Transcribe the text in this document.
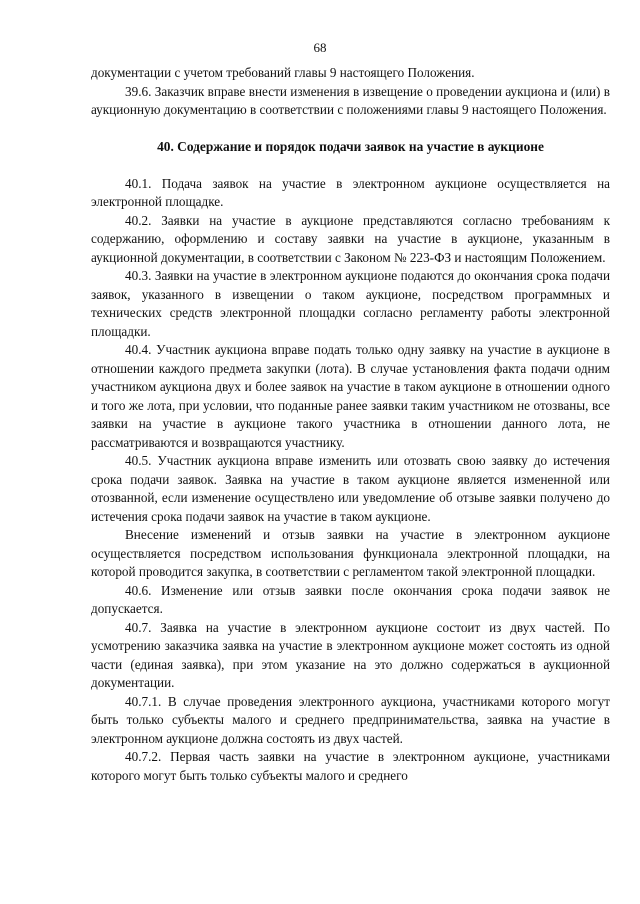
68

документации с учетом требований главы 9 настоящего Положения.

39.6. Заказчик вправе внести изменения в извещение о проведении аукциона и (или) в аукционную документацию в соответствии с положениями главы 9 настоящего Положения.

40. Содержание и порядок подачи заявок на участие в аукционе

40.1. Подача заявок на участие в электронном аукционе осуществляется на электронной площадке.

40.2. Заявки на участие в аукционе представляются согласно требованиям к содержанию, оформлению и составу заявки на участие в аукционе, указанным в аукционной документации, в соответствии с Законом № 223-ФЗ и настоящим Положением.

40.3. Заявки на участие в электронном аукционе подаются до окончания срока подачи заявок, указанного в извещении о таком аукционе, посредством программных и технических средств электронной площадки согласно регламенту работы электронной площадки.

40.4. Участник аукциона вправе подать только одну заявку на участие в аукционе в отношении каждого предмета закупки (лота). В случае установления факта подачи одним участником аукциона двух и более заявок на участие в таком аукционе в отношении одного и того же лота, при условии, что поданные ранее заявки таким участником не отозваны, все заявки на участие в аукционе такого участника в отношении данного лота, не рассматриваются и возвращаются участнику.

40.5. Участник аукциона вправе изменить или отозвать свою заявку до истечения срока подачи заявок. Заявка на участие в таком аукционе является измененной или отозванной, если изменение осуществлено или уведомление об отзыве заявки получено до истечения срока подачи заявок на участие в таком аукционе.

Внесение изменений и отзыв заявки на участие в электронном аукционе осуществляется посредством использования функционала электронной площадки, на которой проводится закупка, в соответствии с регламентом такой электронной площадки.

40.6. Изменение или отзыв заявки после окончания срока подачи заявок не допускается.

40.7. Заявка на участие в электронном аукционе состоит из двух частей. По усмотрению заказчика заявка на участие в электронном аукционе может состоять из одной части (единая заявка), при этом указание на это должно содержаться в аукционной документации.

40.7.1. В случае проведения электронного аукциона, участниками которого могут быть только субъекты малого и среднего предпринимательства, заявка на участие в электронном аукционе должна состоять из двух частей.

40.7.2. Первая часть заявки на участие в электронном аукционе, участниками которого могут быть только субъекты малого и среднего
